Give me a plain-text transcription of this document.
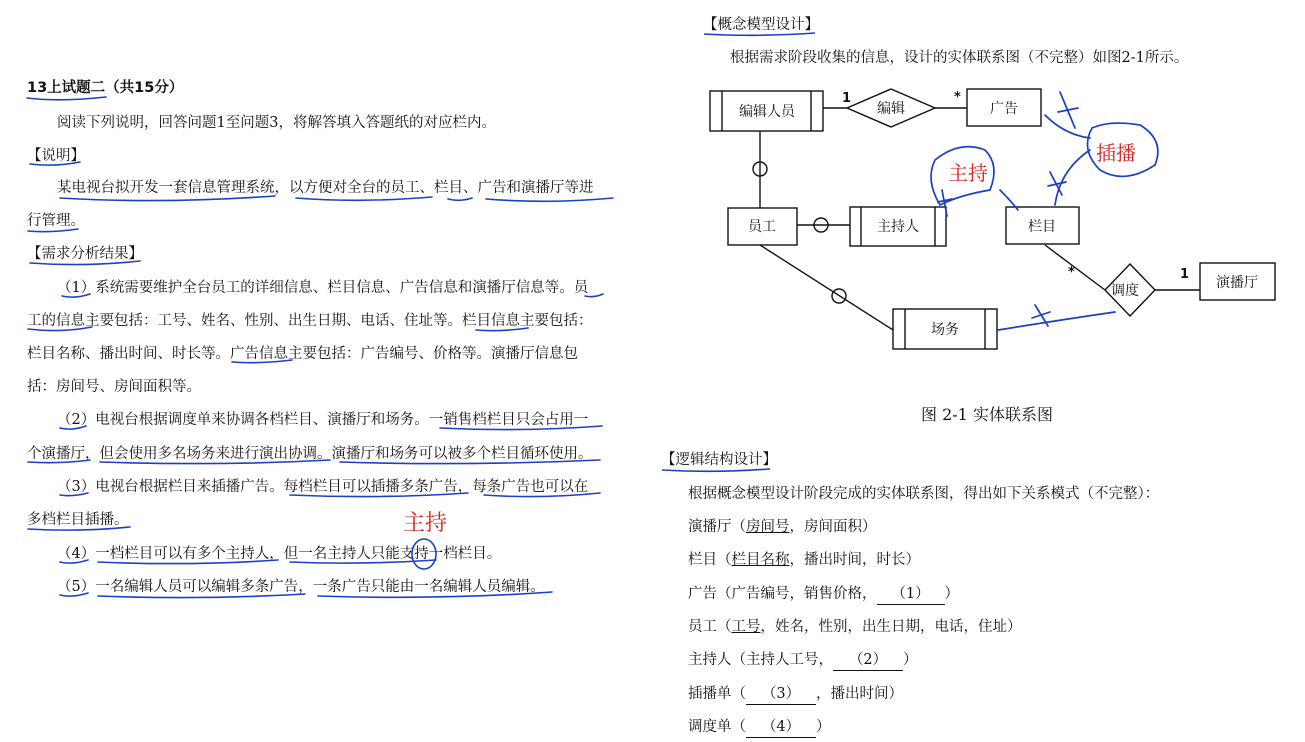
13上试题二（共15分）
阅读下列说明，回答问题1至问题3，将解答填入答题纸的对应栏内。
【说明】
某电视台拟开发一套信息管理系统，以方便对全台的员工、栏目、广告和演播厅等进
行管理。
【需求分析结果】
（1）系统需要维护全台员工的详细信息、栏目信息、广告信息和演播厅信息等。员
工的信息主要包括：工号、姓名、性别、出生日期、电话、住址等。栏目信息主要包括：
栏目名称、播出时间、时长等。广告信息主要包括：广告编号、价格等。演播厅信息包
括：房间号、房间面积等。
（2）电视台根据调度单来协调各档栏目、演播厅和场务。一销售档栏目只会占用一
个演播厅，但会使用多名场务来进行演出协调。演播厅和场务可以被多个栏目循环使用。
（3）电视台根据栏目来插播广告。每档栏目可以插播多条广告，每条广告也可以在
多档栏目插播。
（4）一档栏目可以有多个主持人，但一名主持人只能支持一档栏目。
（5）一名编辑人员可以编辑多条广告，一条广告只能由一名编辑人员编辑。
主持
【概念模型设计】
根据需求阶段收集的信息，设计的实体联系图（不完整）如图2-1所示。
编辑人员	广告
员工	主持人	栏目
演播厅
场务
编辑
调度
1	*
*	1
主持
插播
图 2-1 实体联系图
【逻辑结构设计】
根据概念模型设计阶段完成的实体联系图，得出如下关系模式（不完整）：
演播厅（房间号，房间面积）
栏目（栏目名称，播出时间，时长）
广告（广告编号，销售价格， （1） ）
员工（工号，姓名，性别，出生日期，电话，住址）
主持人（主持人工号， （2） ）
插播单（ （3） ，播出时间）
调度单（ （4） ）
